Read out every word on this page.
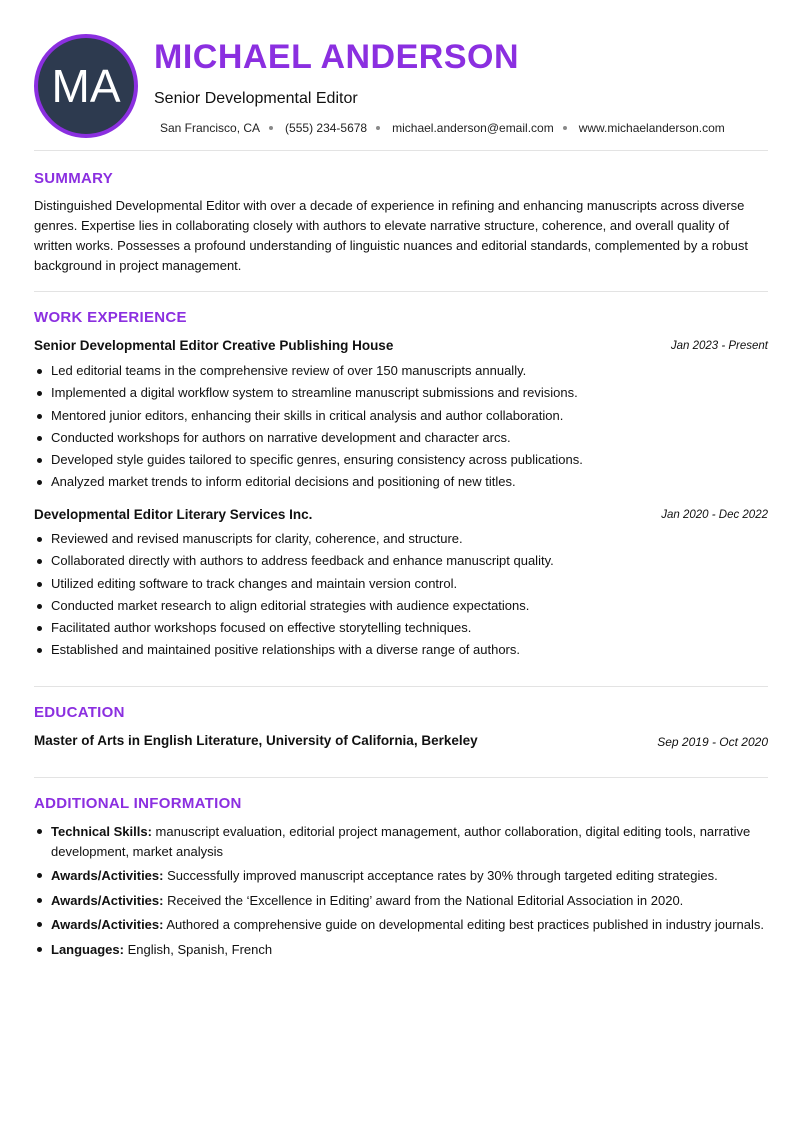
MA
MICHAEL ANDERSON
Senior Developmental Editor
San Francisco, CA (555) 234-5678 michael.anderson@email.com www.michaelanderson.com
SUMMARY

Distinguished Developmental Editor with over a decade of experience in refining and enhancing manuscripts across diverse genres. Expertise lies in collaborating closely with authors to elevate narrative structure, coherence, and overall quality of written works. Possesses a profound understanding of linguistic nuances and editorial standards, complemented by a robust background in project management.

WORK EXPERIENCE
Senior Developmental Editor Creative Publishing House	Jan 2023 - Present
Led editorial teams in the comprehensive review of over 150 manuscripts annually.
Implemented a digital workflow system to streamline manuscript submissions and revisions.
Mentored junior editors, enhancing their skills in critical analysis and author collaboration.
Conducted workshops for authors on narrative development and character arcs.
Developed style guides tailored to specific genres, ensuring consistency across publications.
Analyzed market trends to inform editorial decisions and positioning of new titles.
Developmental Editor Literary Services Inc.	Jan 2020 - Dec 2022
Reviewed and revised manuscripts for clarity, coherence, and structure.
Collaborated directly with authors to address feedback and enhance manuscript quality.
Utilized editing software to track changes and maintain version control.
Conducted market research to align editorial strategies with audience expectations.
Facilitated author workshops focused on effective storytelling techniques.
Established and maintained positive relationships with a diverse range of authors.
EDUCATION
Master of Arts in English Literature, University of California, Berkeley	Sep 2019 - Oct 2020
ADDITIONAL INFORMATION
Technical Skills: manuscript evaluation, editorial project management, author collaboration, digital editing tools, narrative development, market analysis
Awards/Activities: Successfully improved manuscript acceptance rates by 30% through targeted editing strategies.
Awards/Activities: Received the ‘Excellence in Editing’ award from the National Editorial Association in 2020.
Awards/Activities: Authored a comprehensive guide on developmental editing best practices published in industry journals.
Languages: English, Spanish, French
